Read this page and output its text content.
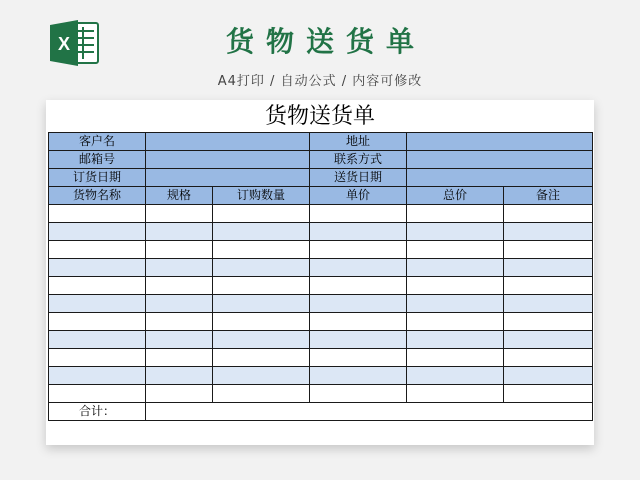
X	货物送货单
A4打印 / 自动公式 / 内容可修改
货物送货单
客户名			地址		
邮箱号			联系方式		
订货日期			送货日期		
货物名称	规格	订购数量	单价	总价	备注

合计：					
